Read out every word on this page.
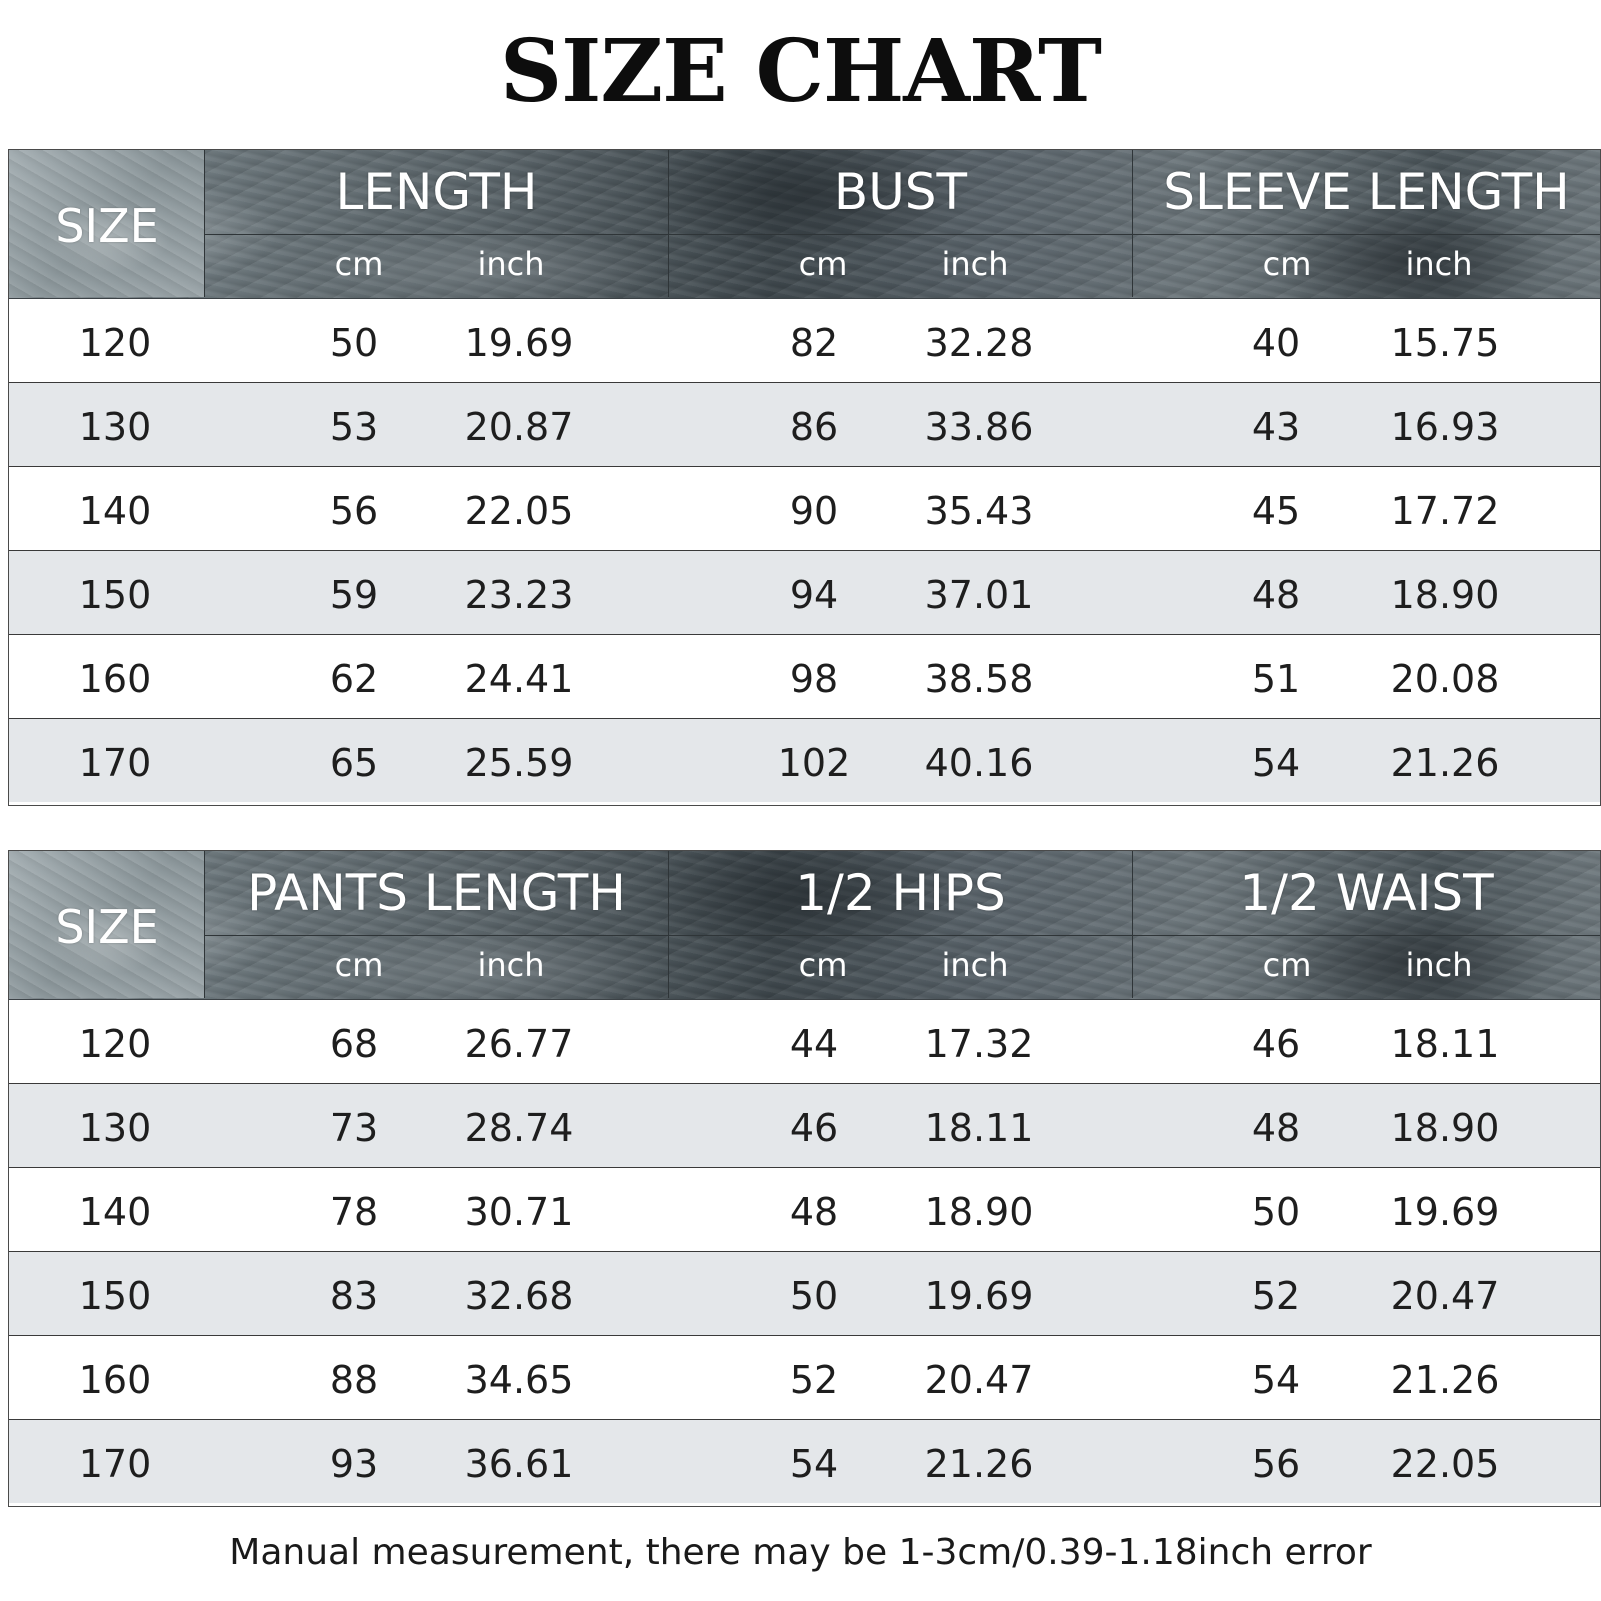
SIZE CHART
SIZE
LENGTH
cm	inch
BUST
cm	inch
SLEEVE LENGTH
cm	inch
120	50	19.69	82	32.28	40	15.75
130	53	20.87	86	33.86	43	16.93
140	56	22.05	90	35.43	45	17.72
150	59	23.23	94	37.01	48	18.90
160	62	24.41	98	38.58	51	20.08
170	65	25.59	102	40.16	54	21.26
SIZE
PANTS LENGTH
cm	inch
1/2 HIPS
cm	inch
1/2 WAIST
cm	inch
120	68	26.77	44	17.32	46	18.11
130	73	28.74	46	18.11	48	18.90
140	78	30.71	48	18.90	50	19.69
150	83	32.68	50	19.69	52	20.47
160	88	34.65	52	20.47	54	21.26
170	93	36.61	54	21.26	56	22.05
Manual measurement, there may be 1-3cm/0.39-1.18inch error
